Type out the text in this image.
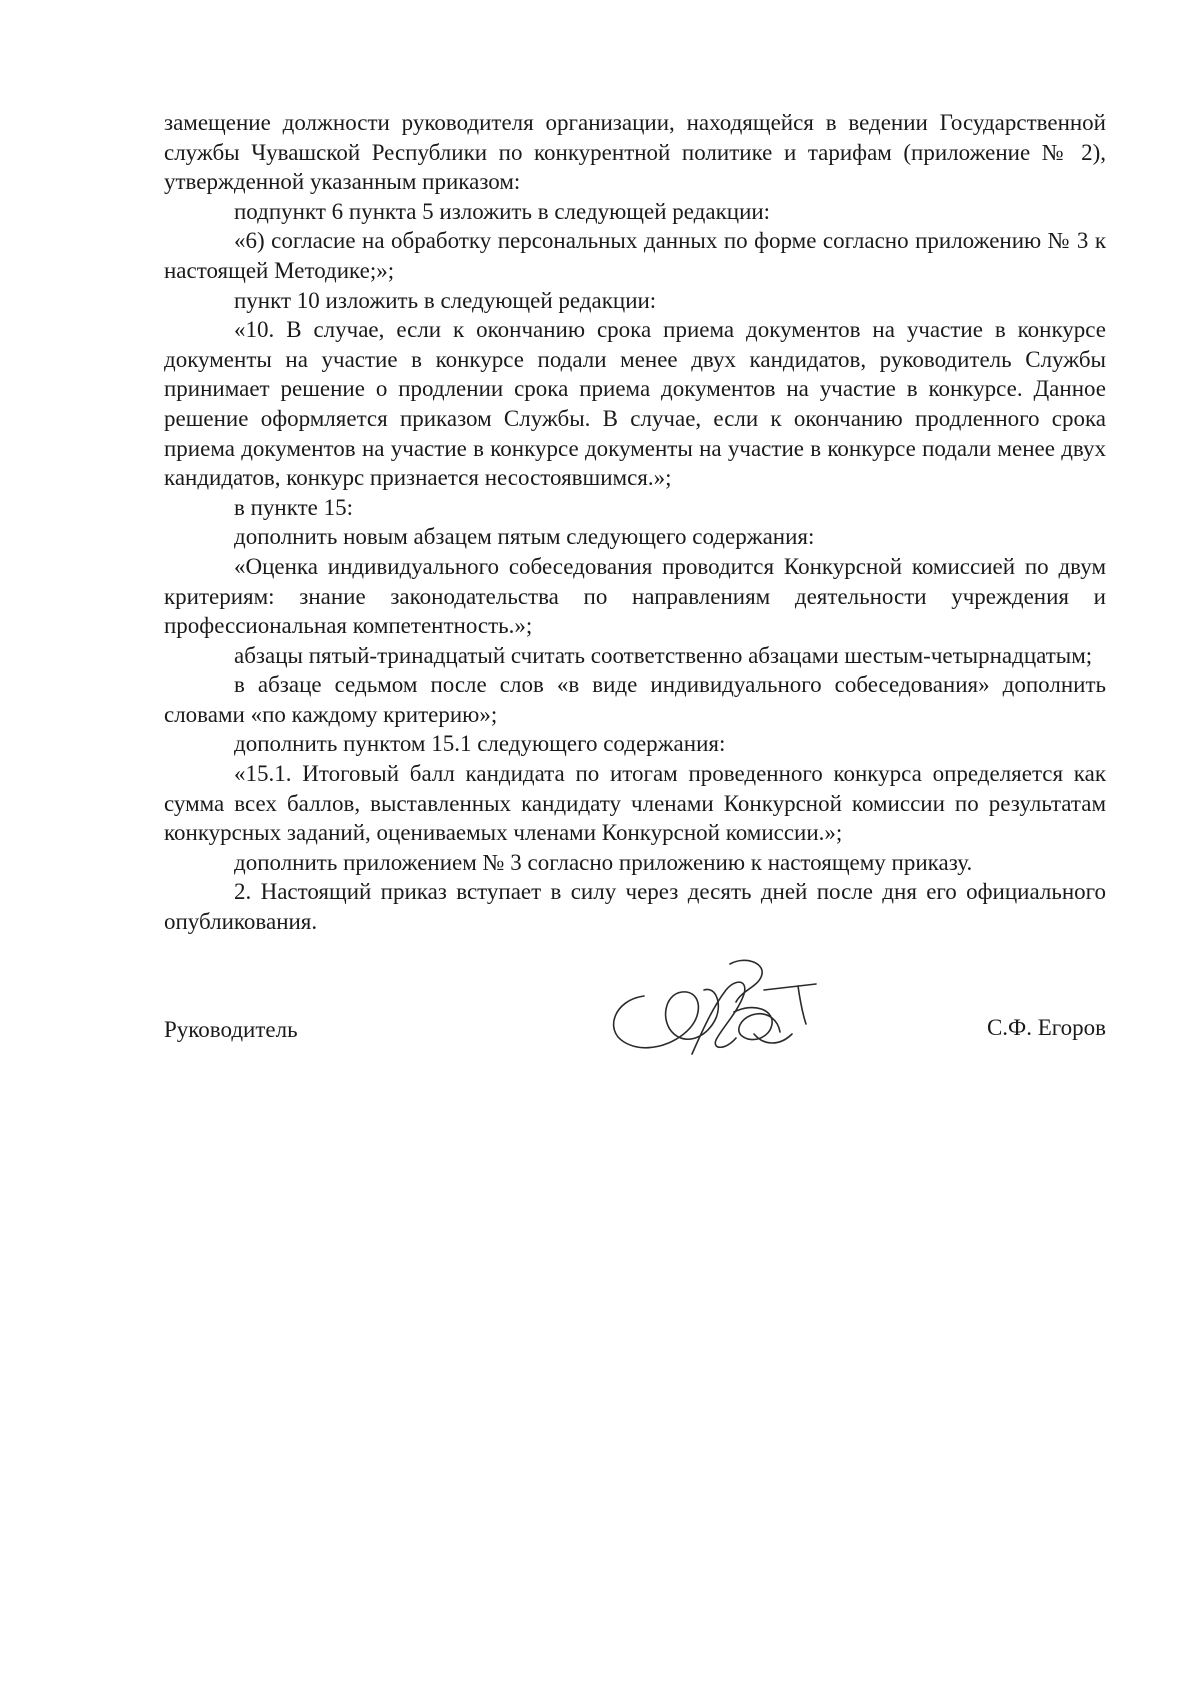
замещение должности руководителя организации, находящейся в ведении Государственной службы Чувашской Республики по конкурентной политике и тарифам (приложение № 2), утвержденной указанным приказом:

подпункт 6 пункта 5 изложить в следующей редакции:

«6) согласие на обработку персональных данных по форме согласно приложению № 3 к настоящей Методике;»;

пункт 10 изложить в следующей редакции:

«10. В случае, если к окончанию срока приема документов на участие в конкурсе документы на участие в конкурсе подали менее двух кандидатов, руководитель Службы принимает решение о продлении срока приема документов на участие в конкурсе. Данное решение оформляется приказом Службы. В случае, если к окончанию продленного срока приема документов на участие в конкурсе документы на участие в конкурсе подали менее двух кандидатов, конкурс признается несостоявшимся.»;

в пункте 15:

дополнить новым абзацем пятым следующего содержания:

«Оценка индивидуального собеседования проводится Конкурсной комиссией по двум критериям: знание законодательства по направлениям деятельности учреждения и профессиональная компетентность.»;

абзацы пятый-тринадцатый считать соответственно абзацами шестым-четырнадцатым;

в абзаце седьмом после слов «в виде индивидуального собеседования» дополнить словами «по каждому критерию»;

дополнить пунктом 15.1 следующего содержания:

«15.1. Итоговый балл кандидата по итогам проведенного конкурса определяется как сумма всех баллов, выставленных кандидату членами Конкурсной комиссии по результатам конкурсных заданий, оцениваемых членами Конкурсной комиссии.»;

дополнить приложением № 3 согласно приложению к настоящему приказу.

2. Настоящий приказ вступает в силу через десять дней после дня его официального опубликования.

Руководитель	С.Ф. Егоров
